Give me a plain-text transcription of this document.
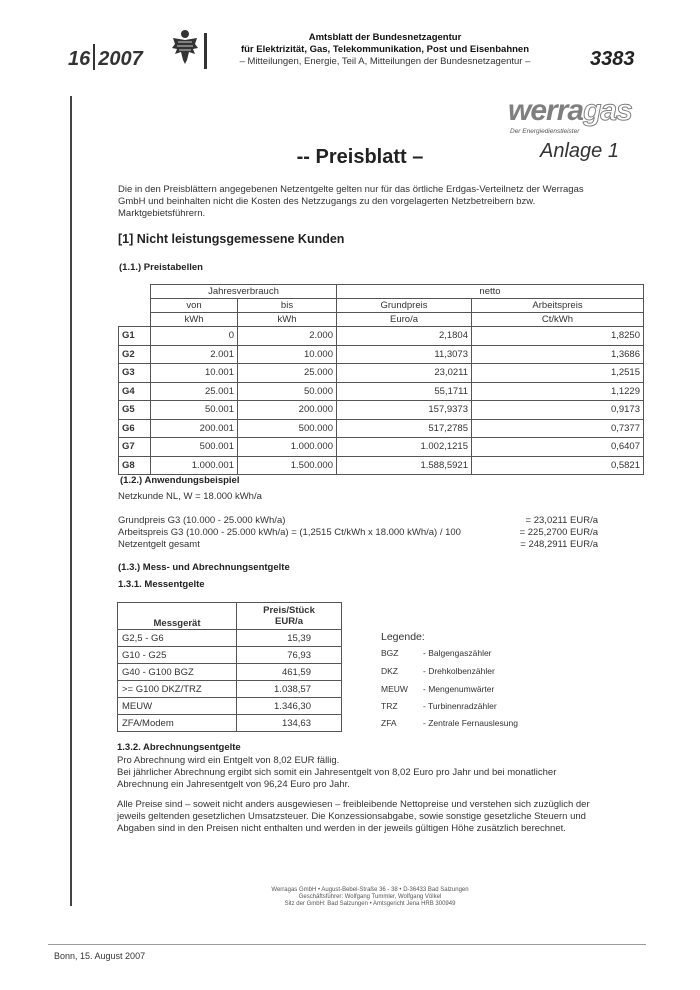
16 2007
Amtsblatt der Bundesnetzagentur
für Elektrizität, Gas, Telekommunikation, Post und Eisenbahnen
– Mitteilungen, Energie, Teil A, Mitteilungen der Bundesnetzagentur –	3383
werragas
Der Energiedienstleister
Anlage 1
-- Preisblatt –
Die in den Preisblättern angegebenen Netzentgelte gelten nur für das örtliche Erdgas-Verteilnetz der Werragas GmbH und beinhalten nicht die Kosten des Netzzugangs zu den vorgelagerten Netzbetreibern bzw. Marktgebietsführern.
[1] Nicht leistungsgemessene Kunden
(1.1.) Preistabellen
	Jahresverbrauch		netto	
	von	bis	Grundpreis	Arbeitspreis
	kWh	kWh	Euro/a	Ct/kWh
G1	0	2.000	2,1804	1,8250
G2	2.001	10.000	11,3073	1,3686
G3	10.001	25.000	23,0211	1,2515
G4	25.001	50.000	55,1711	1,1229
G5	50.001	200.000	157,9373	0,9173
G6	200.001	500.000	517,2785	0,7377
G7	500.001	1.000.000	1.002,1215	0,6407
G8	1.000.001	1.500.000	1.588,5921	0,5821
(1.2.) Anwendungsbeispiel
Netzkunde NL, W = 18.000 kWh/a
Grundpreis G3 (10.000 - 25.000 kWh/a)	= 23,0211 EUR/a
Arbeitspreis G3 (10.000 - 25.000 kWh/a) = (1,2515 Ct/kWh x 18.000 kWh/a) / 100	= 225,2700 EUR/a
Netzentgelt gesamt	= 248,2911 EUR/a
(1.3.) Mess- und Abrechnungsentgelte
1.3.1. Messentgelte
Messgerät	Preis/Stück
EUR/a
G2,5 - G6	15,39
G10 - G25	76,93
G40 - G100 BGZ	461,59
>= G100 DKZ/TRZ	1.038,57
MEUW	1.346,30
ZFA/Modem	134,63
Legende:
BGZ	- Balgengaszähler
DKZ	- Drehkolbenzähler
MEUW	- Mengenumwärter
TRZ	- Turbinenradzähler
ZFA	- Zentrale Fernauslesung
1.3.2. Abrechnungsentgelte
Pro Abrechnung wird ein Entgelt von 8,02 EUR fällig.
Bei jährlicher Abrechnung ergibt sich somit ein Jahresentgelt von 8,02 Euro pro Jahr und bei monatlicher Abrechnung ein Jahresentgelt von 96,24 Euro pro Jahr.
Alle Preise sind – soweit nicht anders ausgewiesen – freibleibende Nettopreise und verstehen sich zuzüglich der jeweils geltenden gesetzlichen Umsatzsteuer. Die Konzessionsabgabe, sowie sonstige gesetzliche Steuern und Abgaben sind in den Preisen nicht enthalten und werden in der jeweils gültigen Höhe zusätzlich berechnet.
Werragas GmbH • August-Bebel-Straße 36 - 38 • D-36433 Bad Salzungen
Geschäftsführer: Wolfgang Tummler, Wolfgang Völkel
Sitz der GmbH: Bad Salzungen • Amtsgericht Jena HRB 300949
Bonn, 15. August 2007
